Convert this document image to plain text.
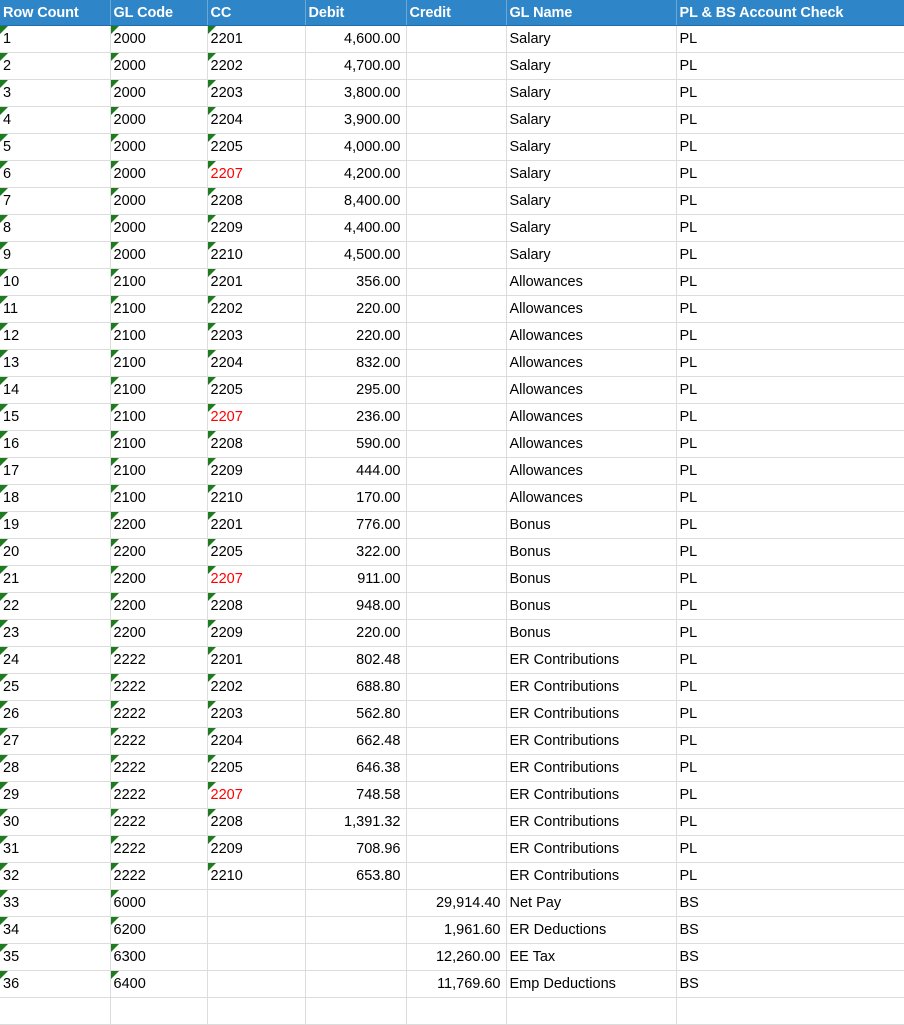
Row Count	GL Code	CC	Debit	Credit	GL Name	PL & BS Account Check
1	2000	2201	4,600.00		Salary	PL
2	2000	2202	4,700.00		Salary	PL
3	2000	2203	3,800.00		Salary	PL
4	2000	2204	3,900.00		Salary	PL
5	2000	2205	4,000.00		Salary	PL
6	2000	2207	4,200.00		Salary	PL
7	2000	2208	8,400.00		Salary	PL
8	2000	2209	4,400.00		Salary	PL
9	2000	2210	4,500.00		Salary	PL
10	2100	2201	356.00		Allowances	PL
11	2100	2202	220.00		Allowances	PL
12	2100	2203	220.00		Allowances	PL
13	2100	2204	832.00		Allowances	PL
14	2100	2205	295.00		Allowances	PL
15	2100	2207	236.00		Allowances	PL
16	2100	2208	590.00		Allowances	PL
17	2100	2209	444.00		Allowances	PL
18	2100	2210	170.00		Allowances	PL
19	2200	2201	776.00		Bonus	PL
20	2200	2205	322.00		Bonus	PL
21	2200	2207	911.00		Bonus	PL
22	2200	2208	948.00		Bonus	PL
23	2200	2209	220.00		Bonus	PL
24	2222	2201	802.48		ER Contributions	PL
25	2222	2202	688.80		ER Contributions	PL
26	2222	2203	562.80		ER Contributions	PL
27	2222	2204	662.48		ER Contributions	PL
28	2222	2205	646.38		ER Contributions	PL
29	2222	2207	748.58		ER Contributions	PL
30	2222	2208	1,391.32		ER Contributions	PL
31	2222	2209	708.96		ER Contributions	PL
32	2222	2210	653.80		ER Contributions	PL
33	6000			29,914.40	Net Pay	BS
34	6200			1,961.60	ER Deductions	BS
35	6300			12,260.00	EE Tax	BS
36	6400			11,769.60	Emp Deductions	BS
